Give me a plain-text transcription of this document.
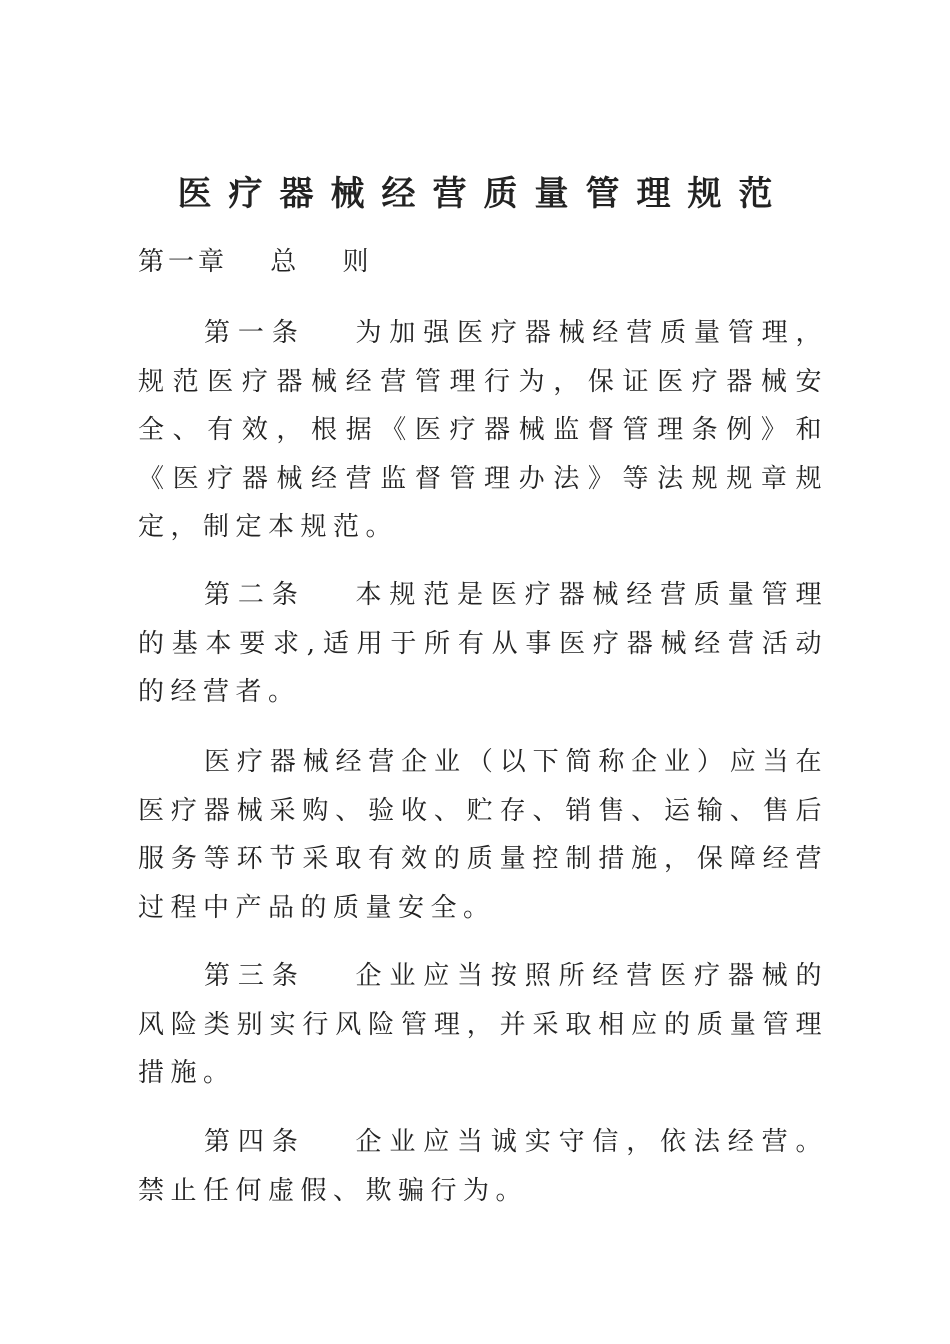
医疗器械经营质量管理规范
第一章　 总　 则

第一条　 为加强医疗器械经营质量管理，规范医疗器械经营管理行为，保证医疗器械安全、有效，根据《医疗器械监督管理条例》和《医疗器械经营监督管理办法》等法规规章规定，制定本规范。

第二条　 本规范是医疗器械经营质量管理的基本要求,适用于所有从事医疗器械经营活动的经营者。

医疗器械经营企业（以下简称企业）应当在医疗器械采购、验收、贮存、销售、运输、售后服务等环节采取有效的质量控制措施，保障经营过程中产品的质量安全。

第三条　 企业应当按照所经营医疗器械的风险类别实行风险管理，并采取相应的质量管理措施。

第四条　 企业应当诚实守信，依法经营。禁止任何虚假、欺骗行为。
